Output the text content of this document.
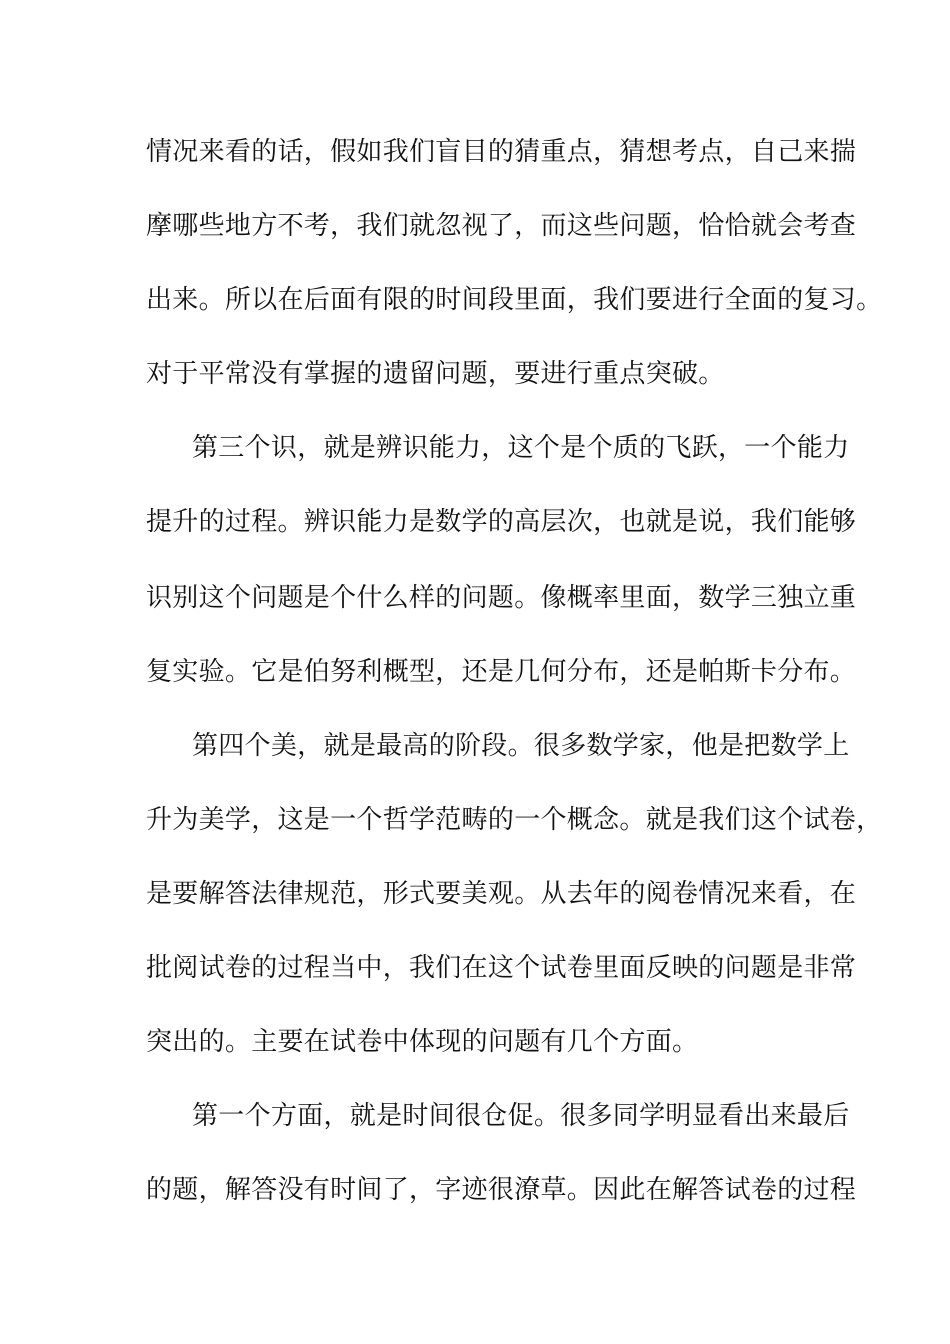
情况来看的话，假如我们盲目的猜重点，猜想考点，自己来揣
摩哪些地方不考，我们就忽视了，而这些问题，恰恰就会考查
出来。所以在后面有限的时间段里面，我们要进行全面的复习。
对于平常没有掌握的遗留问题，要进行重点突破。
第三个识，就是辨识能力，这个是个质的飞跃，一个能力
提升的过程。辨识能力是数学的高层次，也就是说，我们能够
识别这个问题是个什么样的问题。像概率里面，数学三独立重
复实验。它是伯努利概型，还是几何分布，还是帕斯卡分布。
第四个美，就是最高的阶段。很多数学家，他是把数学上
升为美学，这是一个哲学范畴的一个概念。就是我们这个试卷，
是要解答法律规范，形式要美观。从去年的阅卷情况来看，在
批阅试卷的过程当中，我们在这个试卷里面反映的问题是非常
突出的。主要在试卷中体现的问题有几个方面。
第一个方面，就是时间很仓促。很多同学明显看出来最后
的题，解答没有时间了，字迹很潦草。因此在解答试卷的过程
